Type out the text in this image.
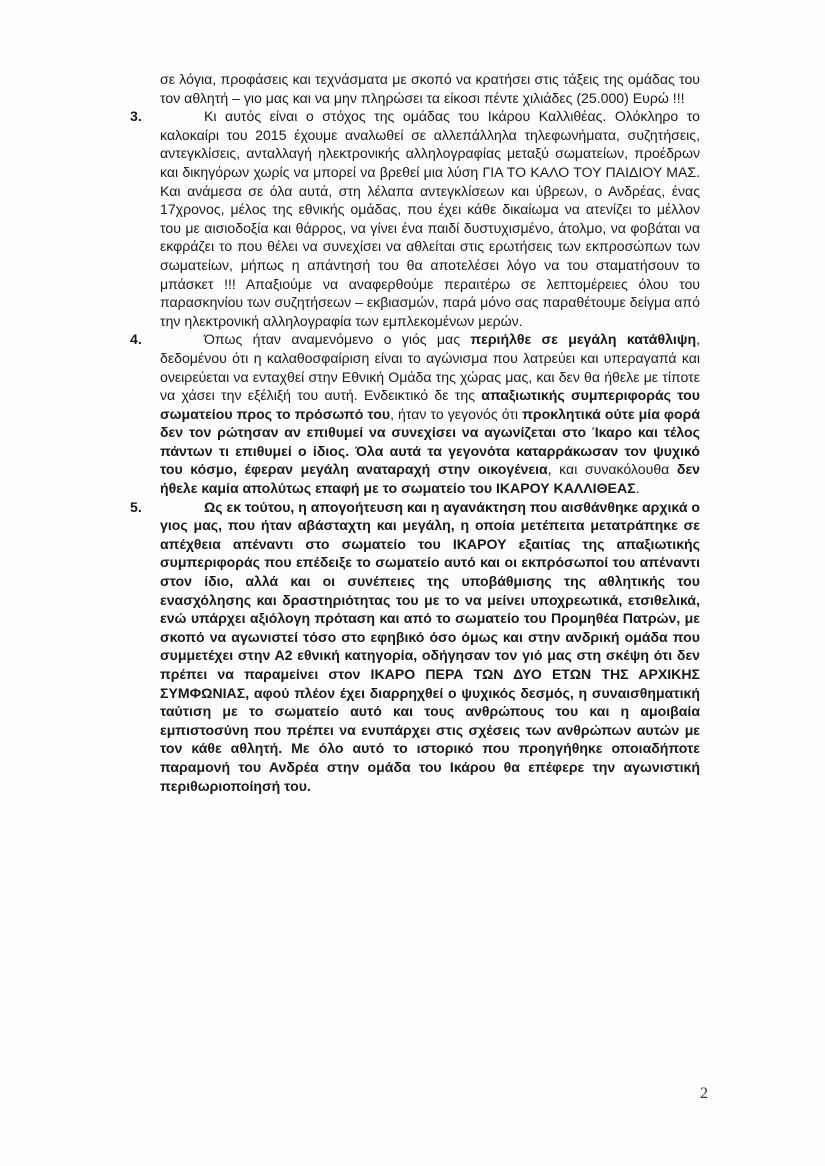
σε λόγια, προφάσεις και τεχνάσματα με σκοπό να κρατήσει στις τάξεις της ομάδας του τον αθλητή – γιο μας και να μην πληρώσει τα είκοσι πέντε χιλιάδες (25.000) Ευρώ !!!
3.	Κι αυτός είναι ο στόχος της ομάδας του Ικάρου Καλλιθέας. Ολόκληρο το καλοκαίρι του 2015 έχουμε αναλωθεί σε αλλεπάλληλα τηλεφωνήματα, συζητήσεις, αντεγκλίσεις, ανταλλαγή ηλεκτρονικής αλληλογραφίας μεταξύ σωματείων, προέδρων και δικηγόρων χωρίς να μπορεί να βρεθεί μια λύση ΓΙΑ ΤΟ ΚΑΛΟ ΤΟΥ ΠΑΙΔΙΟΥ ΜΑΣ. Και ανάμεσα σε όλα αυτά, στη λέλαπα αντεγκλίσεων και ύβρεων, ο Ανδρέας, ένας 17χρονος, μέλος της εθνικής ομάδας, που έχει κάθε δικαίωμα να ατενίζει το μέλλον του με αισιοδοξία και θάρρος, να γίνει ένα παιδί δυστυχισμένο, άτολμο, να φοβάται να εκφράζει το που θέλει να συνεχίσει να αθλείται στις ερωτήσεις των εκπροσώπων των σωματείων, μήπως η απάντησή του θα αποτελέσει λόγο να του σταματήσουν το μπάσκετ !!! Απαξιούμε να αναφερθούμε περαιτέρω σε λεπτομέρειες όλου του παρασκηνίου των συζητήσεων – εκβιασμών, παρά μόνο σας παραθέτουμε δείγμα από την ηλεκτρονική αλληλογραφία των εμπλεκομένων μερών.

4.	Όπως ήταν αναμενόμενο ο γιός μας περιήλθε σε μεγάλη κατάθλιψη, δεδομένου ότι η καλαθοσφαίριση είναι το αγώνισμα που λατρεύει και υπεραγαπά και ονειρεύεται να ενταχθεί στην Εθνική Ομάδα της χώρας μας, και δεν θα ήθελε με τίποτε να χάσει την εξέλιξή του αυτή. Ενδεικτικό δε της απαξιωτικής συμπεριφοράς του σωματείου προς το πρόσωπό του, ήταν το γεγονός ότι προκλητικά ούτε μία φορά δεν τον ρώτησαν αν επιθυμεί να συνεχίσει να αγωνίζεται στο Ίκαρο και τέλος πάντων τι επιθυμεί ο ίδιος. Όλα αυτά τα γεγονότα καταρράκωσαν τον ψυχικό του κόσμο, έφεραν μεγάλη αναταραχή στην οικογένεια, και συνακόλουθα δεν ήθελε καμία απολύτως επαφή με το σωματείο του ΙΚΑΡΟΥ ΚΑΛΛΙΘΕΑΣ.

5.	Ως εκ τούτου, η απογοήτευση και η αγανάκτηση που αισθάνθηκε αρχικά ο γιος μας, που ήταν αβάσταχτη και μεγάλη, η οποία μετέπειτα μετατράπηκε σε απέχθεια απέναντι στο σωματείο του ΙΚΑΡΟΥ εξαιτίας της απαξιωτικής συμπεριφοράς που επέδειξε το σωματείο αυτό και οι εκπρόσωποί του απέναντι στον ίδιο, αλλά και οι συνέπειες της υποβάθμισης της αθλητικής του ενασχόλησης και δραστηριότητας του με το να μείνει υποχρεωτικά, ετσιθελικά, ενώ υπάρχει αξιόλογη πρόταση και από το σωματείο του Προμηθέα Πατρών, με σκοπό να αγωνιστεί τόσο στο εφηβικό όσο όμως και στην ανδρική ομάδα που συμμετέχει στην Α2 εθνική κατηγορία, οδήγησαν τον γιό μας στη σκέψη ότι δεν πρέπει να παραμείνει στον ΙΚΑΡΟ ΠΕΡΑ ΤΩΝ ΔΥΟ ΕΤΩΝ ΤΗΣ ΑΡΧΙΚΗΣ ΣΥΜΦΩΝΙΑΣ, αφού πλέον έχει διαρρηχθεί ο ψυχικός δεσμός, η συναισθηματική ταύτιση με το σωματείο αυτό και τους ανθρώπους του και η αμοιβαία εμπιστοσύνη που πρέπει να ενυπάρχει στις σχέσεις των ανθρώπων αυτών με τον κάθε αθλητή. Με όλο αυτό το ιστορικό που προηγήθηκε οποιαδήποτε παραμονή του Ανδρέα στην ομάδα του Ικάρου θα επέφερε την αγωνιστική περιθωριοποίησή του.

2
